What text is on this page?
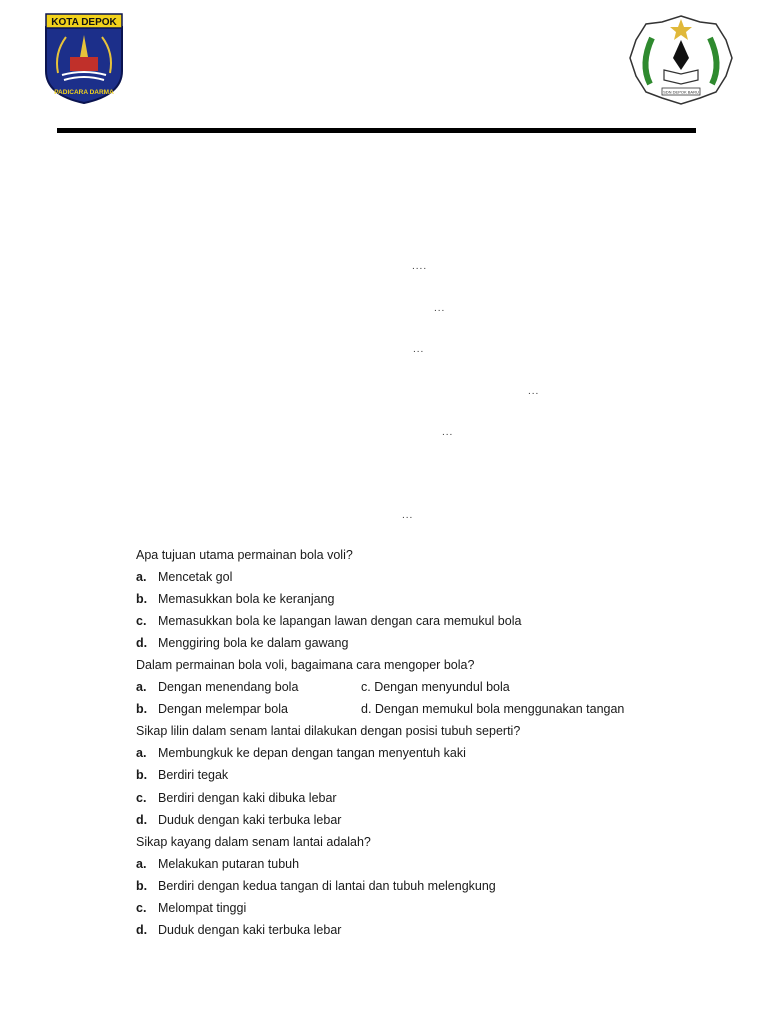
KOTA DEPOK
PADICARA DARMA	SDN DEPOK BARU
....
...
...
...
...
...
Apa tujuan utama permainan bola voli?
a. Mencetak gol
b. Memasukkan bola ke keranjang
c. Memasukkan bola ke lapangan lawan dengan cara memukul bola
d. Menggiring bola ke dalam gawang
Dalam permainan bola voli, bagaimana cara mengoper bola?
a. Dengan menendang bola	c. Dengan menyundul bola
b. Dengan melempar bola	d. Dengan memukul bola menggunakan tangan
Sikap lilin dalam senam lantai dilakukan dengan posisi tubuh seperti?
a. Membungkuk ke depan dengan tangan menyentuh kaki
b. Berdiri tegak
c. Berdiri dengan kaki dibuka lebar
d. Duduk dengan kaki terbuka lebar
Sikap kayang dalam senam lantai adalah?
a. Melakukan putaran tubuh
b. Berdiri dengan kedua tangan di lantai dan tubuh melengkung
c. Melompat tinggi
d. Duduk dengan kaki terbuka lebar
